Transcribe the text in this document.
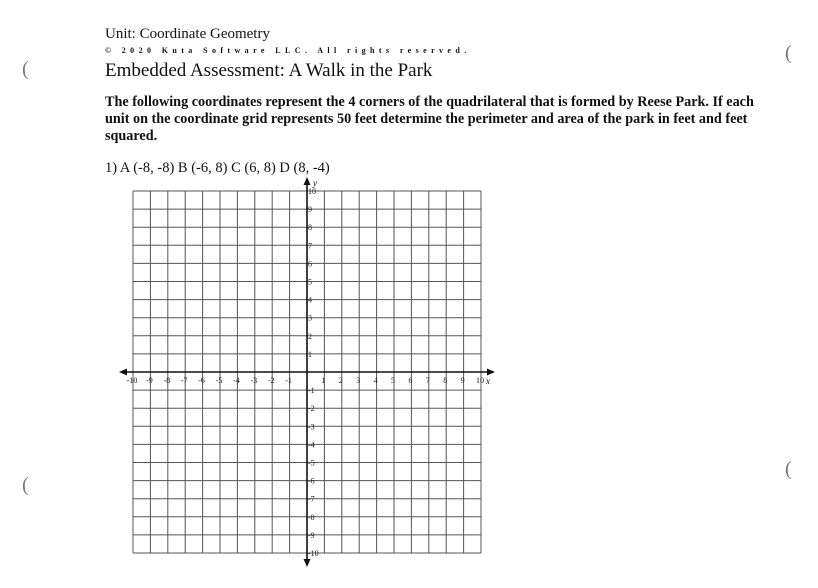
Unit: Coordinate Geometry
© 2020 Kuta Software LLC. All rights reserved.
Embedded Assessment: A Walk in the Park
The following coordinates represent the 4 corners of the quadrilateral that is formed by Reese Park. If each unit on the coordinate grid represents 50 feet determine the perimeter and area of the park in feet and feet squared.
1) A (-8, -8) B (-6, 8) C (6, 8) D (8, -4)
(
(
(
(
-10 -9 -8 -7 -6 -5 -4 -3 -2 -1	1 2 3 4 5 6 7 8 9 10
-10
-9
-8
-7
-6
-5
-4
-3
-2
-1
1
2
3
4
5
6
7
8
9
10
x
y
